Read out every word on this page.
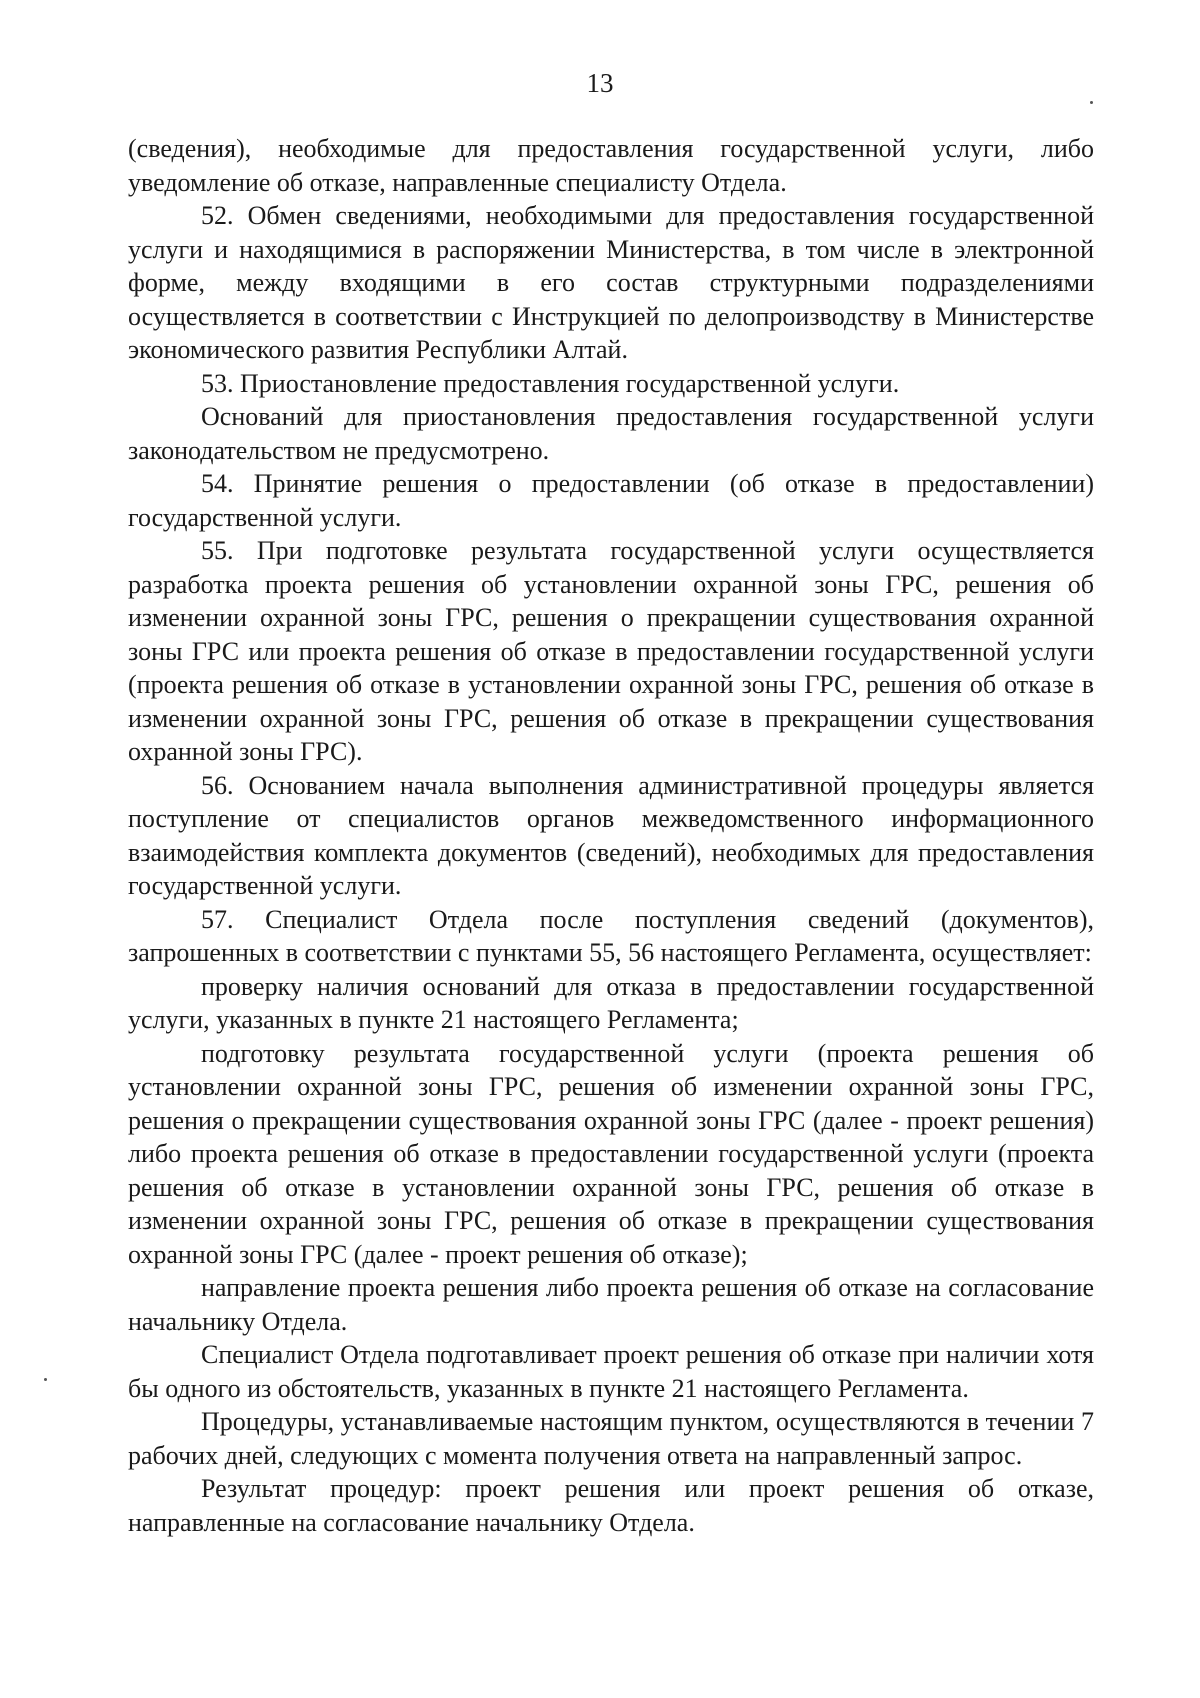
13

(сведения), необходимые для предоставления государственной услуги, либо уведомление об отказе, направленные специалисту Отдела.

52. Обмен сведениями, необходимыми для предоставления государственной услуги и находящимися в распоряжении Министерства, в том числе в электронной форме, между входящими в его состав структурными подразделениями осуществляется в соответствии с Инструкцией по делопроизводству в Министерстве экономического развития Республики Алтай.

53. Приостановление предоставления государственной услуги.

Оснований для приостановления предоставления государственной услуги законодательством не предусмотрено.

54. Принятие решения о предоставлении (об отказе в предоставлении) государственной услуги.

55. При подготовке результата государственной услуги осуществляется разработка проекта решения об установлении охранной зоны ГРС, решения об изменении охранной зоны ГРС, решения о прекращении существования охранной зоны ГРС или проекта решения об отказе в предоставлении государственной услуги (проекта решения об отказе в установлении охранной зоны ГРС, решения об отказе в изменении охранной зоны ГРС, решения об отказе в прекращении существования охранной зоны ГРС).

56. Основанием начала выполнения административной процедуры является поступление от специалистов органов межведомственного информационного взаимодействия комплекта документов (сведений), необходимых для предоставления государственной услуги.

57. Специалист Отдела после поступления сведений (документов), запрошенных в соответствии с пунктами 55, 56 настоящего Регламента, осуществляет:

проверку наличия оснований для отказа в предоставлении государственной услуги, указанных в пункте 21 настоящего Регламента;

подготовку результата государственной услуги (проекта решения об установлении охранной зоны ГРС, решения об изменении охранной зоны ГРС, решения о прекращении существования охранной зоны ГРС (далее - проект решения) либо проекта решения об отказе в предоставлении государственной услуги (проекта решения об отказе в установлении охранной зоны ГРС, решения об отказе в изменении охранной зоны ГРС, решения об отказе в прекращении существования охранной зоны ГРС (далее - проект решения об отказе);

направление проекта решения либо проекта решения об отказе на согласование начальнику Отдела.

Специалист Отдела подготавливает проект решения об отказе при наличии хотя бы одного из обстоятельств, указанных в пункте 21 настоящего Регламента.

Процедуры, устанавливаемые настоящим пунктом, осуществляются в течении 7 рабочих дней, следующих с момента получения ответа на направленный запрос.

Результат процедур: проект решения или проект решения об отказе, направленные на согласование начальнику Отдела.
